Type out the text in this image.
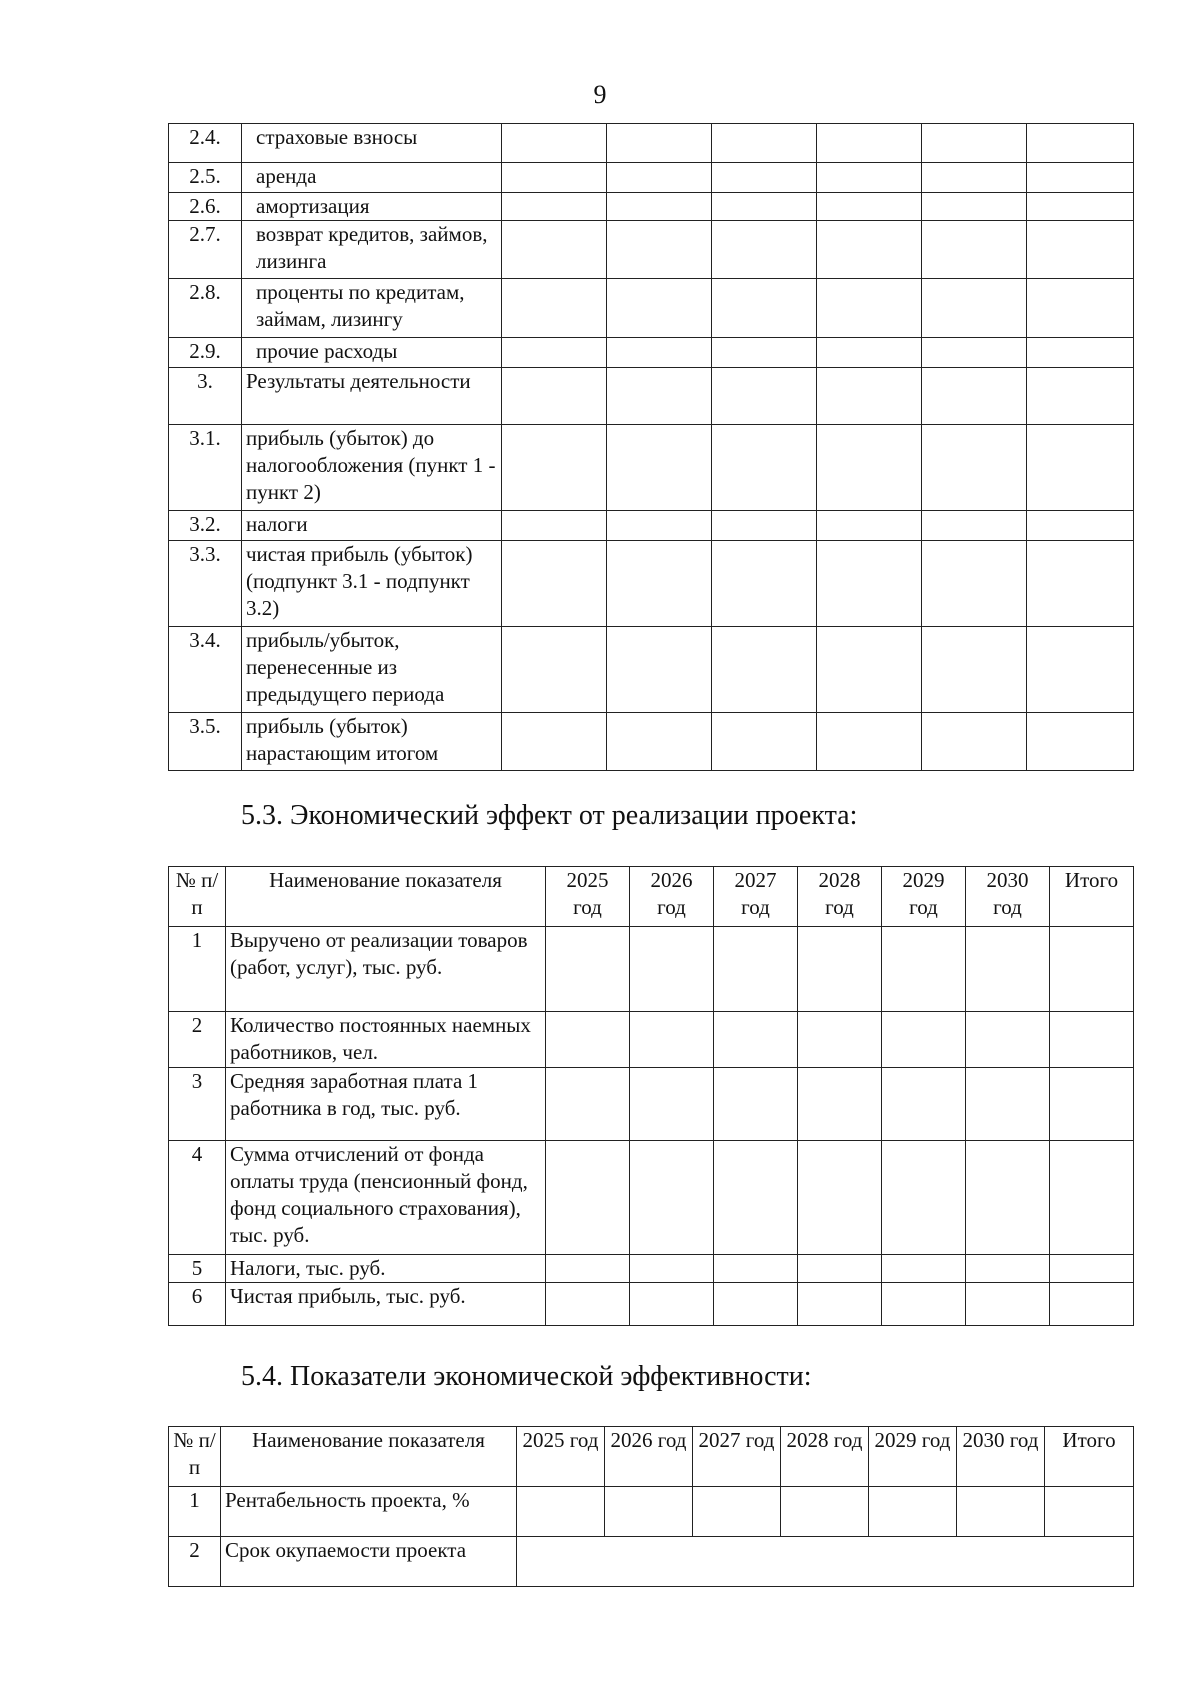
9
2.4.	страховые взносы						
2.5.	аренда						
2.6.	амортизация						
2.7.	возврат кредитов, займов, лизинга						
2.8.	проценты по кредитам, займам, лизингу						
2.9.	прочие расходы						
3.	Результаты деятельности						
3.1.	прибыль (убыток) до налогообложения (пункт 1 - пункт 2)						
3.2.	налоги						
3.3.	чистая прибыль (убыток) (подпункт 3.1 - подпункт 3.2)						
3.4.	прибыль/убыток, перенесенные из предыдущего периода						
3.5.	прибыль (убыток) нарастающим итогом						
5.3. Экономический эффект от реализации проекта:
№ п/п	Наименование показателя	2025 год	2026 год	2027 год	2028 год	2029 год	2030 год	Итого
1	Выручено от реализации товаров (работ, услуг), тыс. руб.							
2	Количество постоянных наемных работников, чел.							
3	Средняя заработная плата 1 работника в год, тыс. руб.							
4	Сумма отчислений от фонда оплаты труда (пенсионный фонд, фонд социального страхования), тыс. руб.							
5	Налоги, тыс. руб.							
6	Чистая прибыль, тыс. руб.							
5.4. Показатели экономической эффективности:
№ п/п	Наименование показателя	2025 год	2026 год	2027 год	2028 год	2029 год	2030 год	Итого
1	Рентабельность проекта, %							
2	Срок окупаемости проекта							
